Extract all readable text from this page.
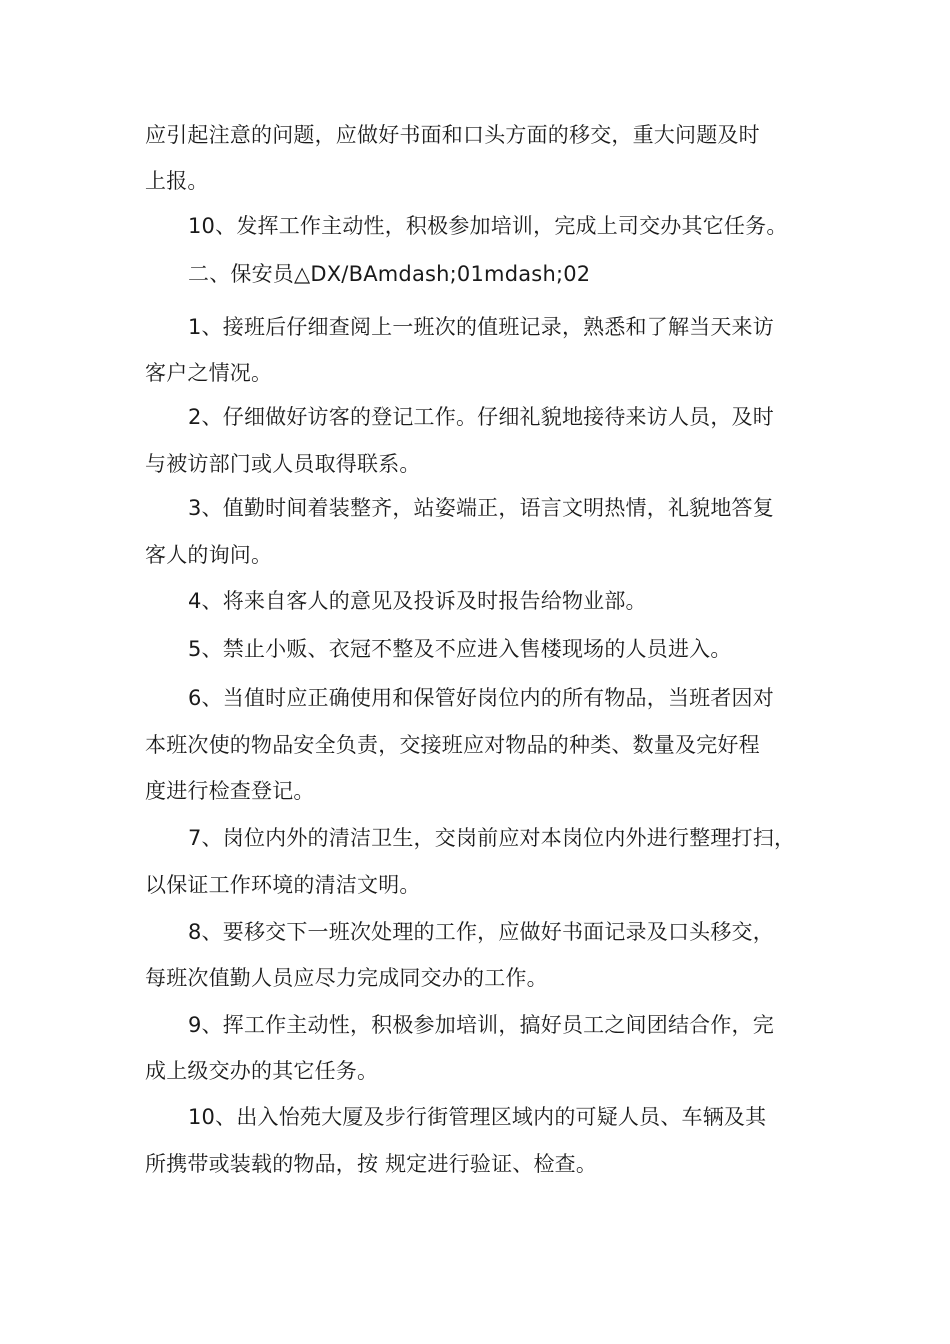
应引起注意的问题，应做好书面和口头方面的移交，重大问题及时
上报。
10、发挥工作主动性，积极参加培训，完成上司交办其它任务。
二、保安员△DX/BAmdash;01mdash;02
1、接班后仔细查阅上一班次的值班记录，熟悉和了解当天来访
客户之情况。
2、仔细做好访客的登记工作。仔细礼貌地接待来访人员，及时
与被访部门或人员取得联系。
3、值勤时间着装整齐，站姿端正，语言文明热情，礼貌地答复
客人的询问。
4、将来自客人的意见及投诉及时报告给物业部。
5、禁止小贩、衣冠不整及不应进入售楼现场的人员进入。
6、当值时应正确使用和保管好岗位内的所有物品，当班者因对
本班次使的物品安全负责，交接班应对物品的种类、数量及完好程
度进行检查登记。
7、岗位内外的清洁卫生，交岗前应对本岗位内外进行整理打扫，
以保证工作环境的清洁文明。
8、要移交下一班次处理的工作，应做好书面记录及口头移交，
每班次值勤人员应尽力完成同交办的工作。
9、挥工作主动性，积极参加培训，搞好员工之间团结合作，完
成上级交办的其它任务。
10、出入怡苑大厦及步行街管理区域内的可疑人员、车辆及其
所携带或装载的物品，按 规定进行验证、检查。
